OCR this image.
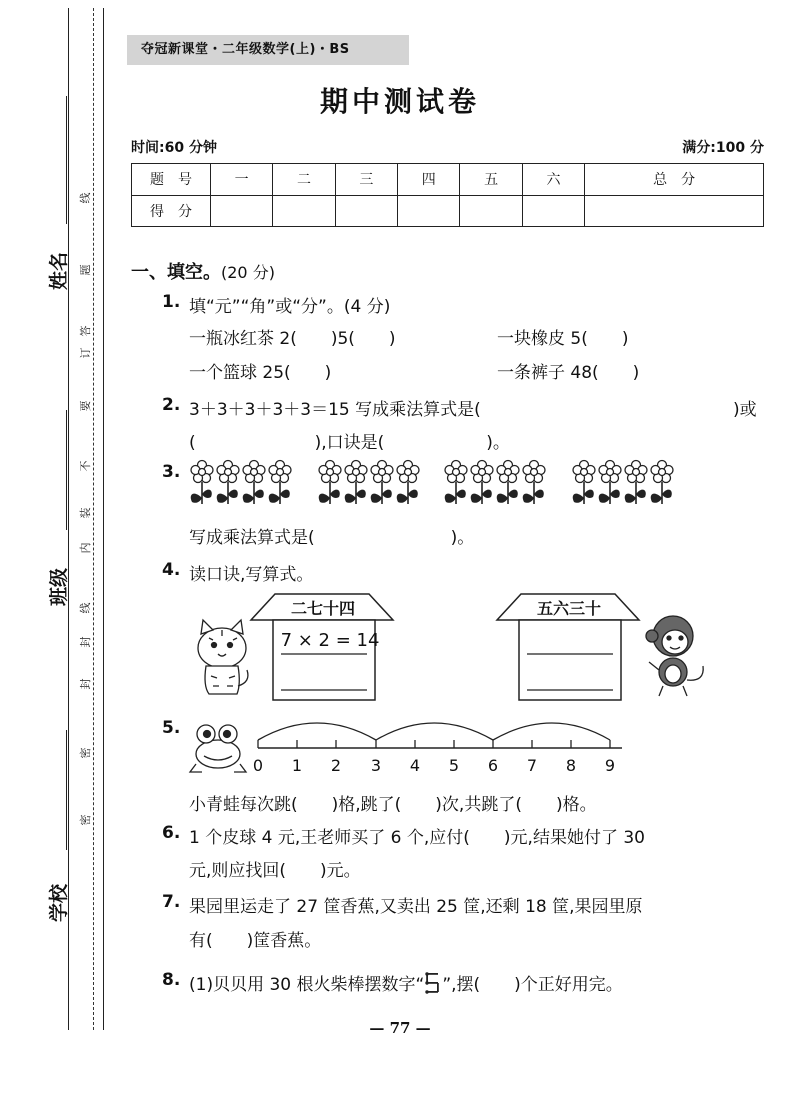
姓名
班级
学校
线
题
答
订
要
不
装
内
线
封
封
密
密
夺冠新课堂・二年级数学(上)・BS
期中测试卷
时间:60 分钟	满分:100 分
题　号	一	二	三	四	五	六	总　分
得　分							
一、填空。(20 分)
1. 填“元”“角”或“分”。(4 分)
一瓶冰红茶 2(　　)5(　　)	一块橡皮 5(　　)
一个篮球 25(　　)	一条裤子 48(　　)
2. 3＋3＋3＋3＋3＝15 写成乘法算式是(	)或
(　　　　　　　),口诀是(　　　　　　)。
3.
写成乘法算式是(　　　　　　　　)。
4. 读口诀,写算式。
二七十四
7 × 2 = 14
五六三十
5.
0	1	2	3	4	5	6	7	8	9
小青蛙每次跳(　　)格,跳了(　　)次,共跳了(　　)格。
6. 1 个皮球 4 元,王老师买了 6 个,应付(　　)元,结果她付了 30
元,则应找回(　　)元。
7. 果园里运走了 27 筐香蕉,又卖出 25 筐,还剩 18 筐,果园里原
有(　　)筐香蕉。
8. (1)贝贝用 30 根火柴棒摆数字“ ”,摆(　　)个正好用完。
— 77 —
